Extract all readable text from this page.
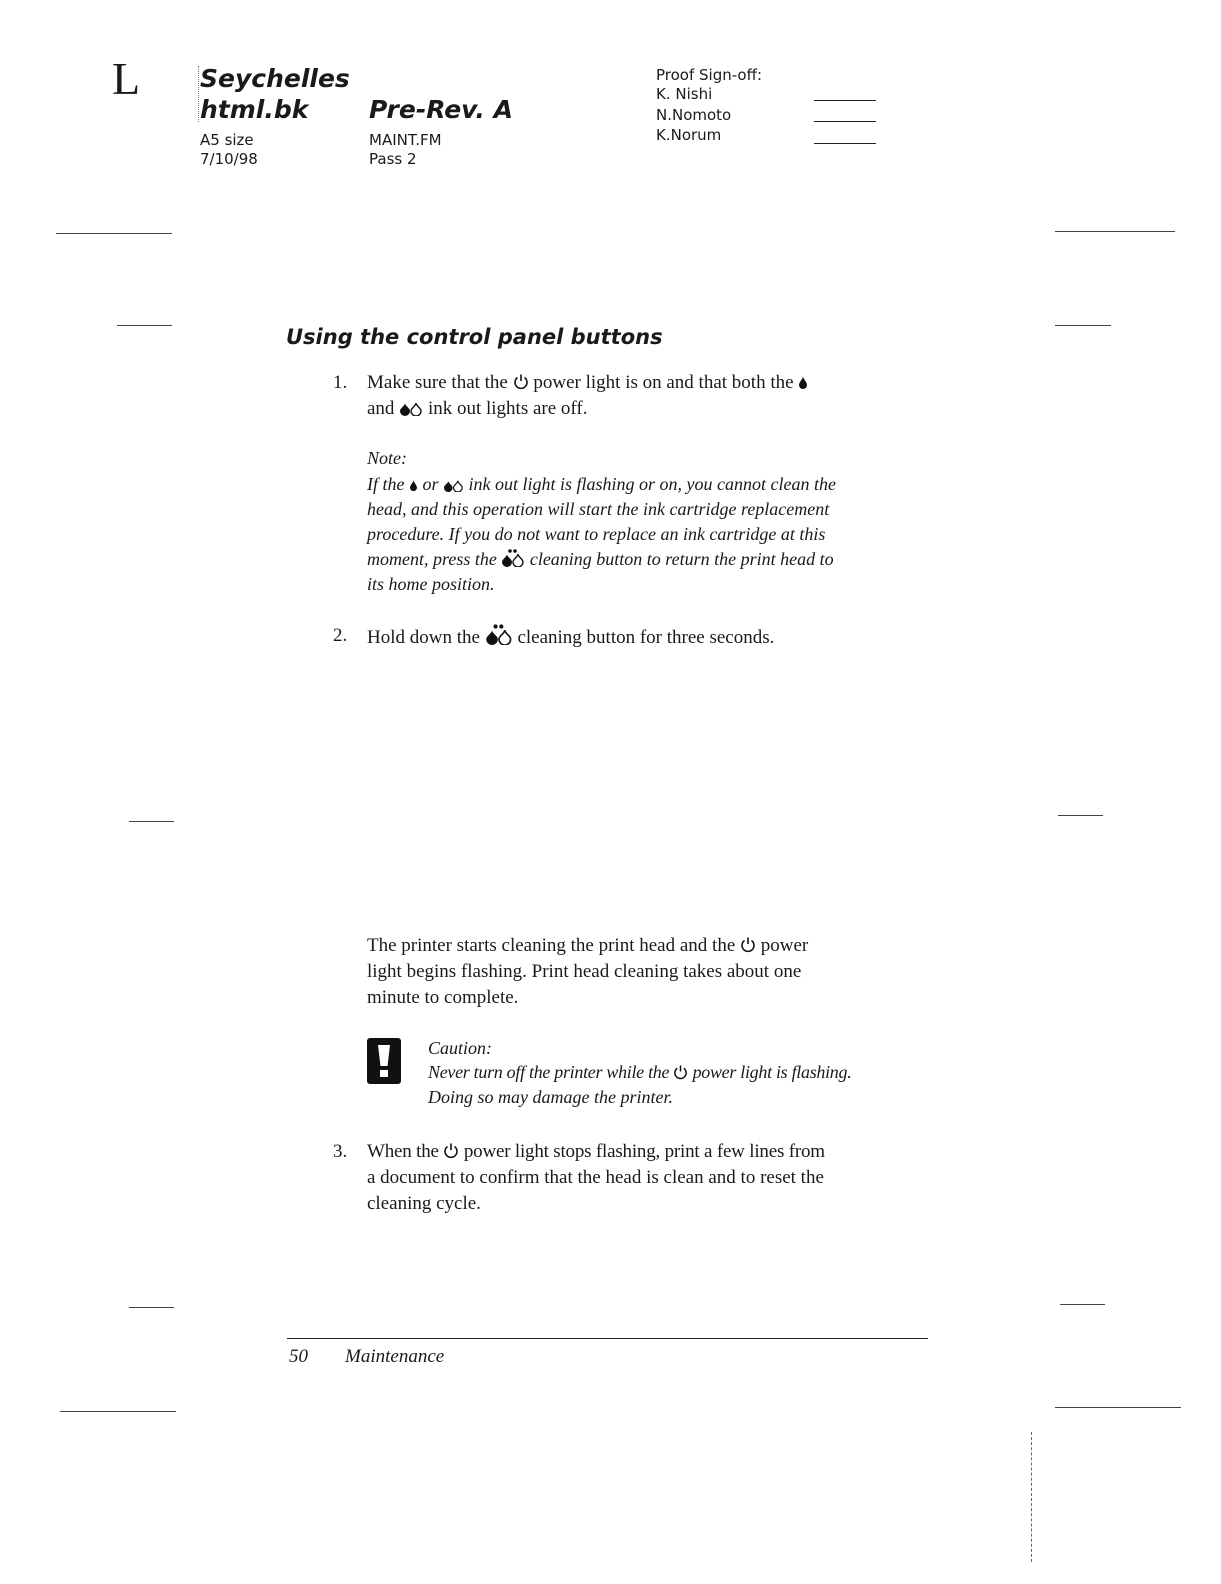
L Seychelles
html.bk Pre-Rev. A
A5 size
7/10/98
MAINT.FM
Pass 2
Proof Sign-off:
K. Nishi
N.Nomoto
K.Norum
Using the control panel buttons
1. Make sure that the power light is on and that both the
and ink out lights are off.
Note:
If the or ink out light is flashing or on, you cannot clean the
head, and this operation will start the ink cartridge replacement
procedure. If you do not want to replace an ink cartridge at this
moment, press the cleaning button to return the print head to
its home position.
2. Hold down the cleaning button for three seconds.
The printer starts cleaning the print head and the power
light begins flashing. Print head cleaning takes about one
minute to complete.
Caution:
Never turn off the printer while the power light is flashing.
Doing so may damage the printer.
3. When the power light stops flashing, print a few lines from
a document to confirm that the head is clean and to reset the
cleaning cycle.
50 Maintenance
